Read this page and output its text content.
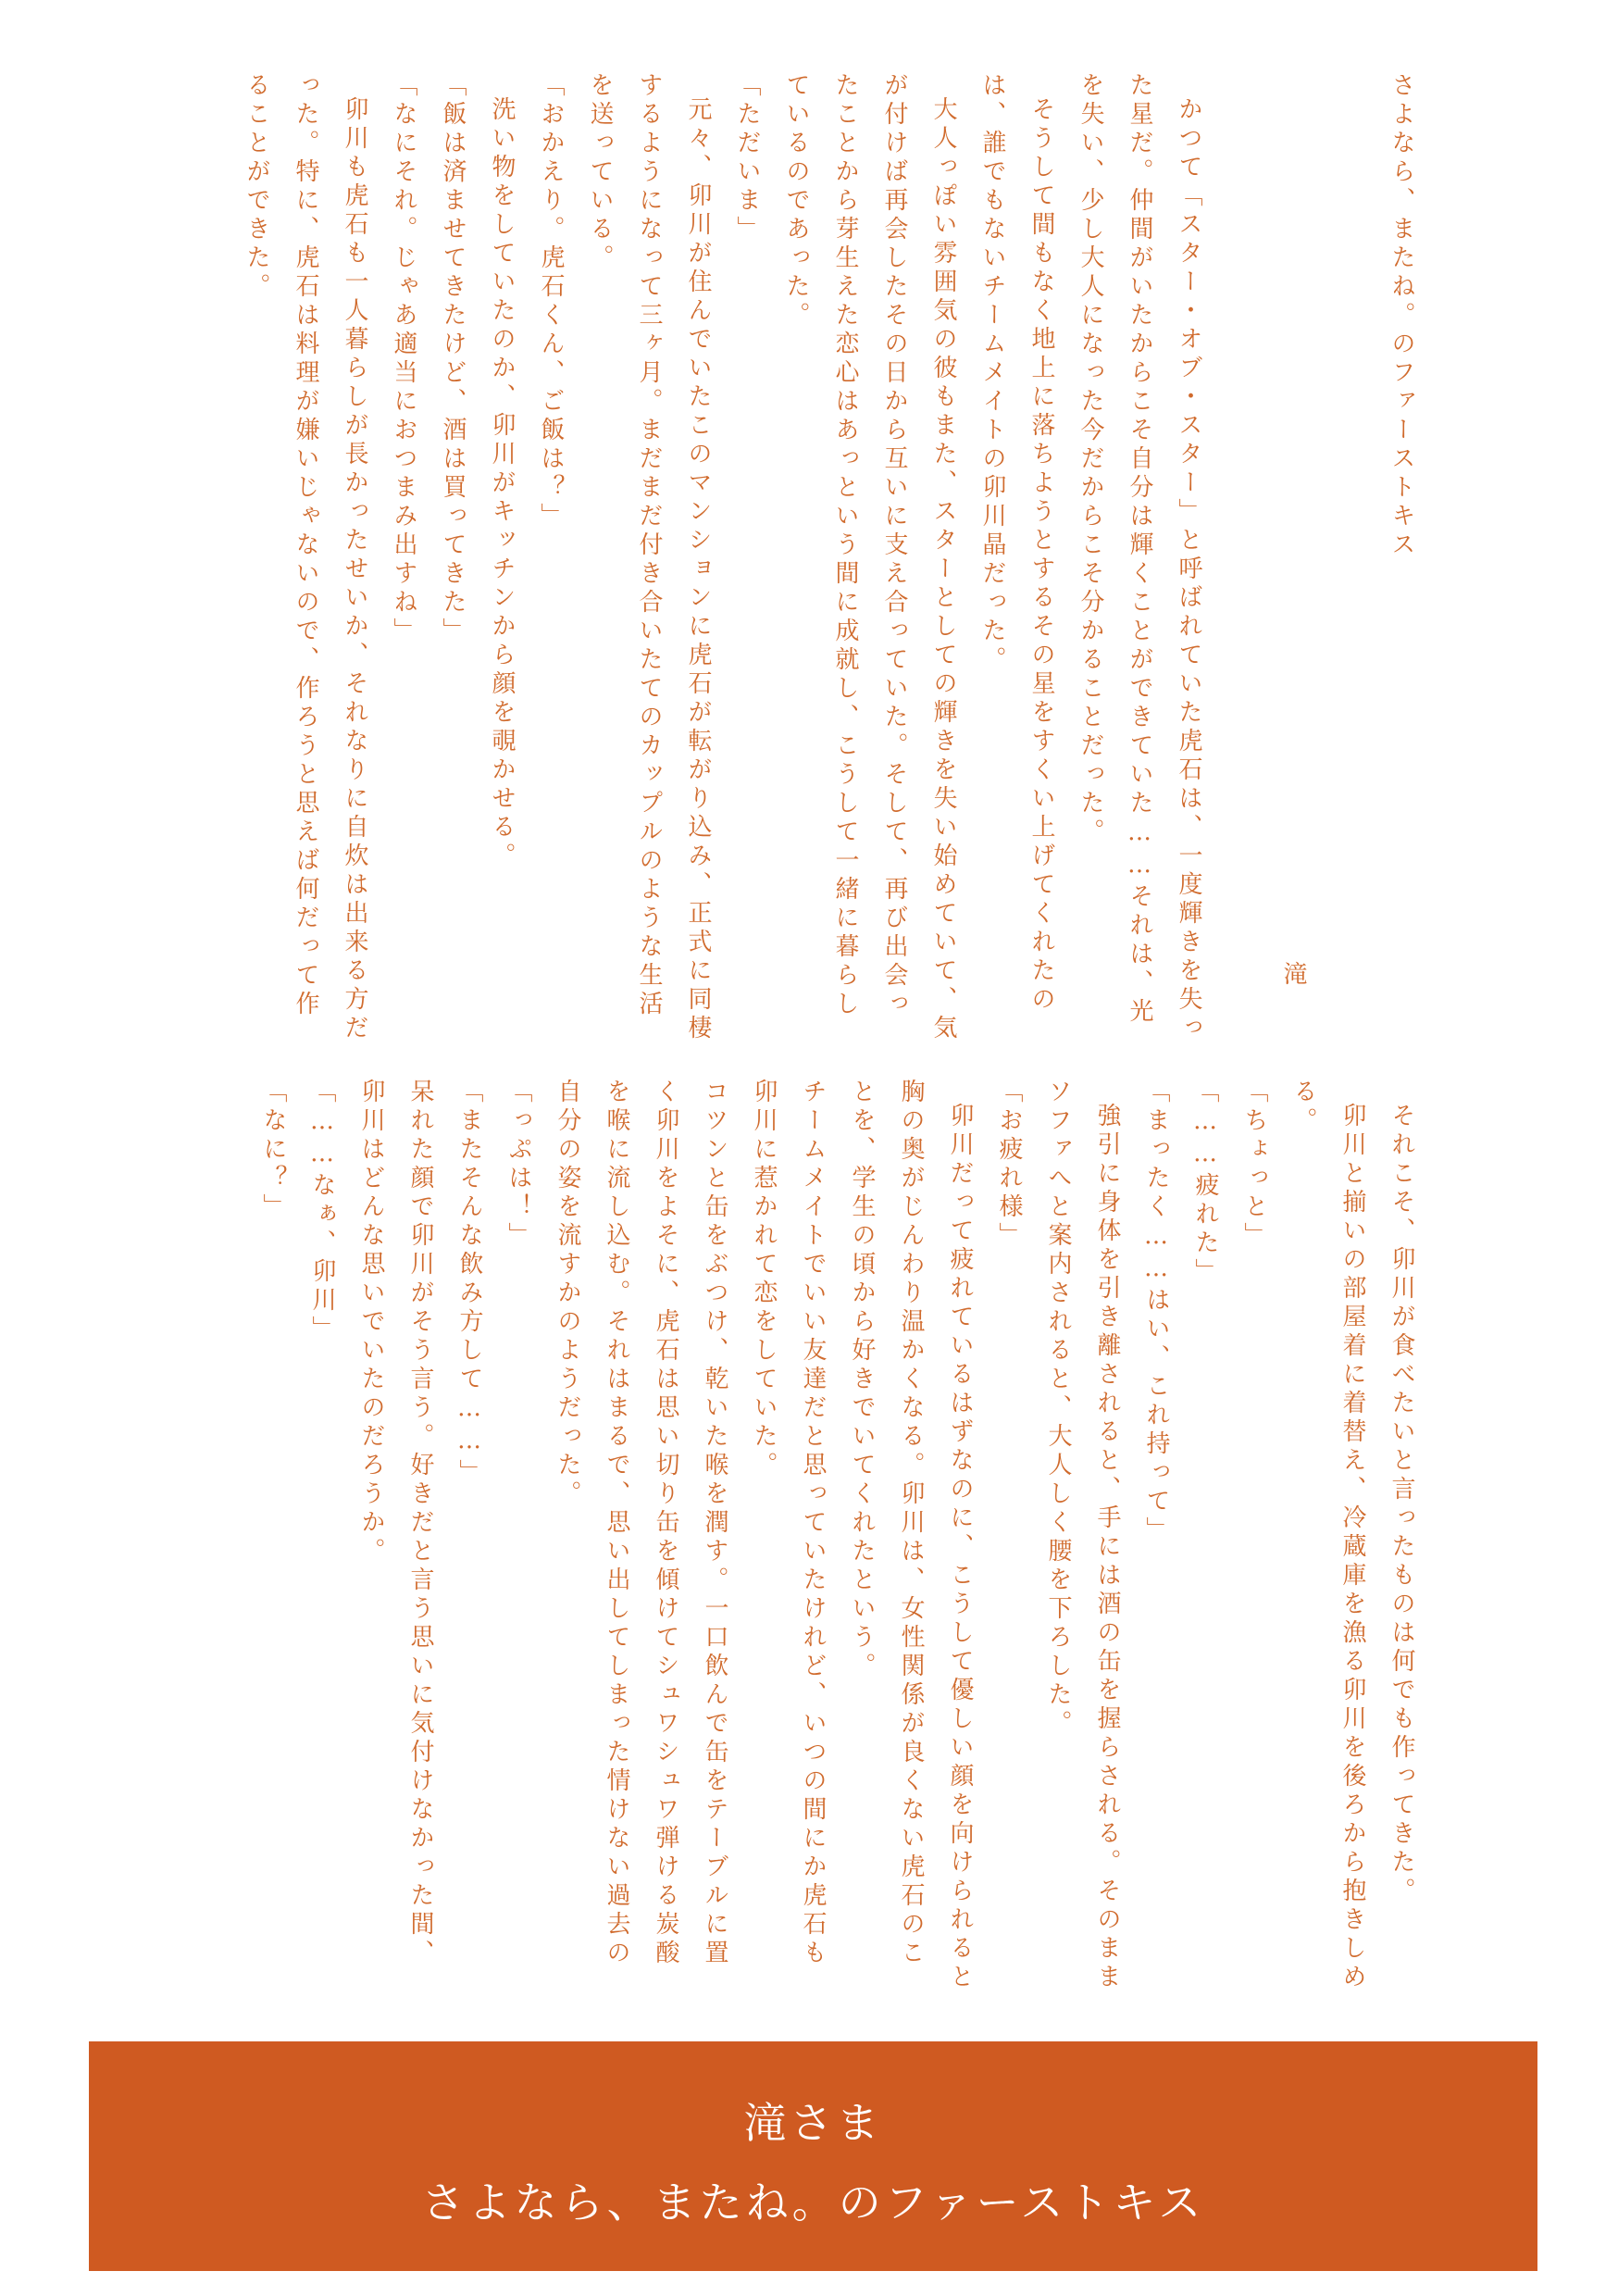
さよなら、またね。のファーストキス

滝

かつて「スター・オブ・スター」と呼ばれていた虎石は、一度輝きを失った星だ。仲間がいたからこそ自分は輝くことができていた……それは、光を失い、少し大人になった今だからこそ分かることだった。

そうして間もなく地上に落ちようとするその星をすくい上げてくれたのは、誰でもないチームメイトの卯川晶だった。

大人っぽい雰囲気の彼もまた、スターとしての輝きを失い始めていて、気が付けば再会したその日から互いに支え合っていた。そして、再び出会ったことから芽生えた恋心はあっという間に成就し、こうして一緒に暮らしているのであった。

「ただいま」

元々、卯川が住んでいたこのマンションに虎石が転がり込み、正式に同棲するようになって三ヶ月。まだまだ付き合いたてのカップルのような生活を送っている。

「おかえり。虎石くん、ご飯は？」

洗い物をしていたのか、卯川がキッチンから顔を覗かせる。

「飯は済ませてきたけど、酒は買ってきた」

「なにそれ。じゃあ適当におつまみ出すね」

卯川も虎石も一人暮らしが長かったせいか、それなりに自炊は出来る方だった。特に、虎石は料理が嫌いじゃないので、作ろうと思えば何だって作ることができた。

それこそ、卯川が食べたいと言ったものは何でも作ってきた。

卯川と揃いの部屋着に着替え、冷蔵庫を漁る卯川を後ろから抱きしめる。

「ちょっと」

「……疲れた」

「まったく……はい、これ持って」

強引に身体を引き離されると、手には酒の缶を握らされる。そのままソファへと案内されると、大人しく腰を下ろした。

「お疲れ様」

卯川だって疲れているはずなのに、こうして優しい顔を向けられると胸の奥がじんわり温かくなる。卯川は、女性関係が良くない虎石のことを、学生の頃から好きでいてくれたという。

チームメイトでいい友達だと思っていたけれど、いつの間にか虎石も卯川に惹かれて恋をしていた。

コツンと缶をぶつけ、乾いた喉を潤す。一口飲んで缶をテーブルに置く卯川をよそに、虎石は思い切り缶を傾けてシュワシュワ弾ける炭酸を喉に流し込む。それはまるで、思い出してしまった情けない過去の自分の姿を流すかのようだった。

「っぷは！」

「またそんな飲み方して……」

呆れた顔で卯川がそう言う。好きだと言う思いに気付けなかった間、卯川はどんな思いでいたのだろうか。

「……なぁ、卯川」

「なに？」

滝さま
さよなら、またね。のファーストキス
